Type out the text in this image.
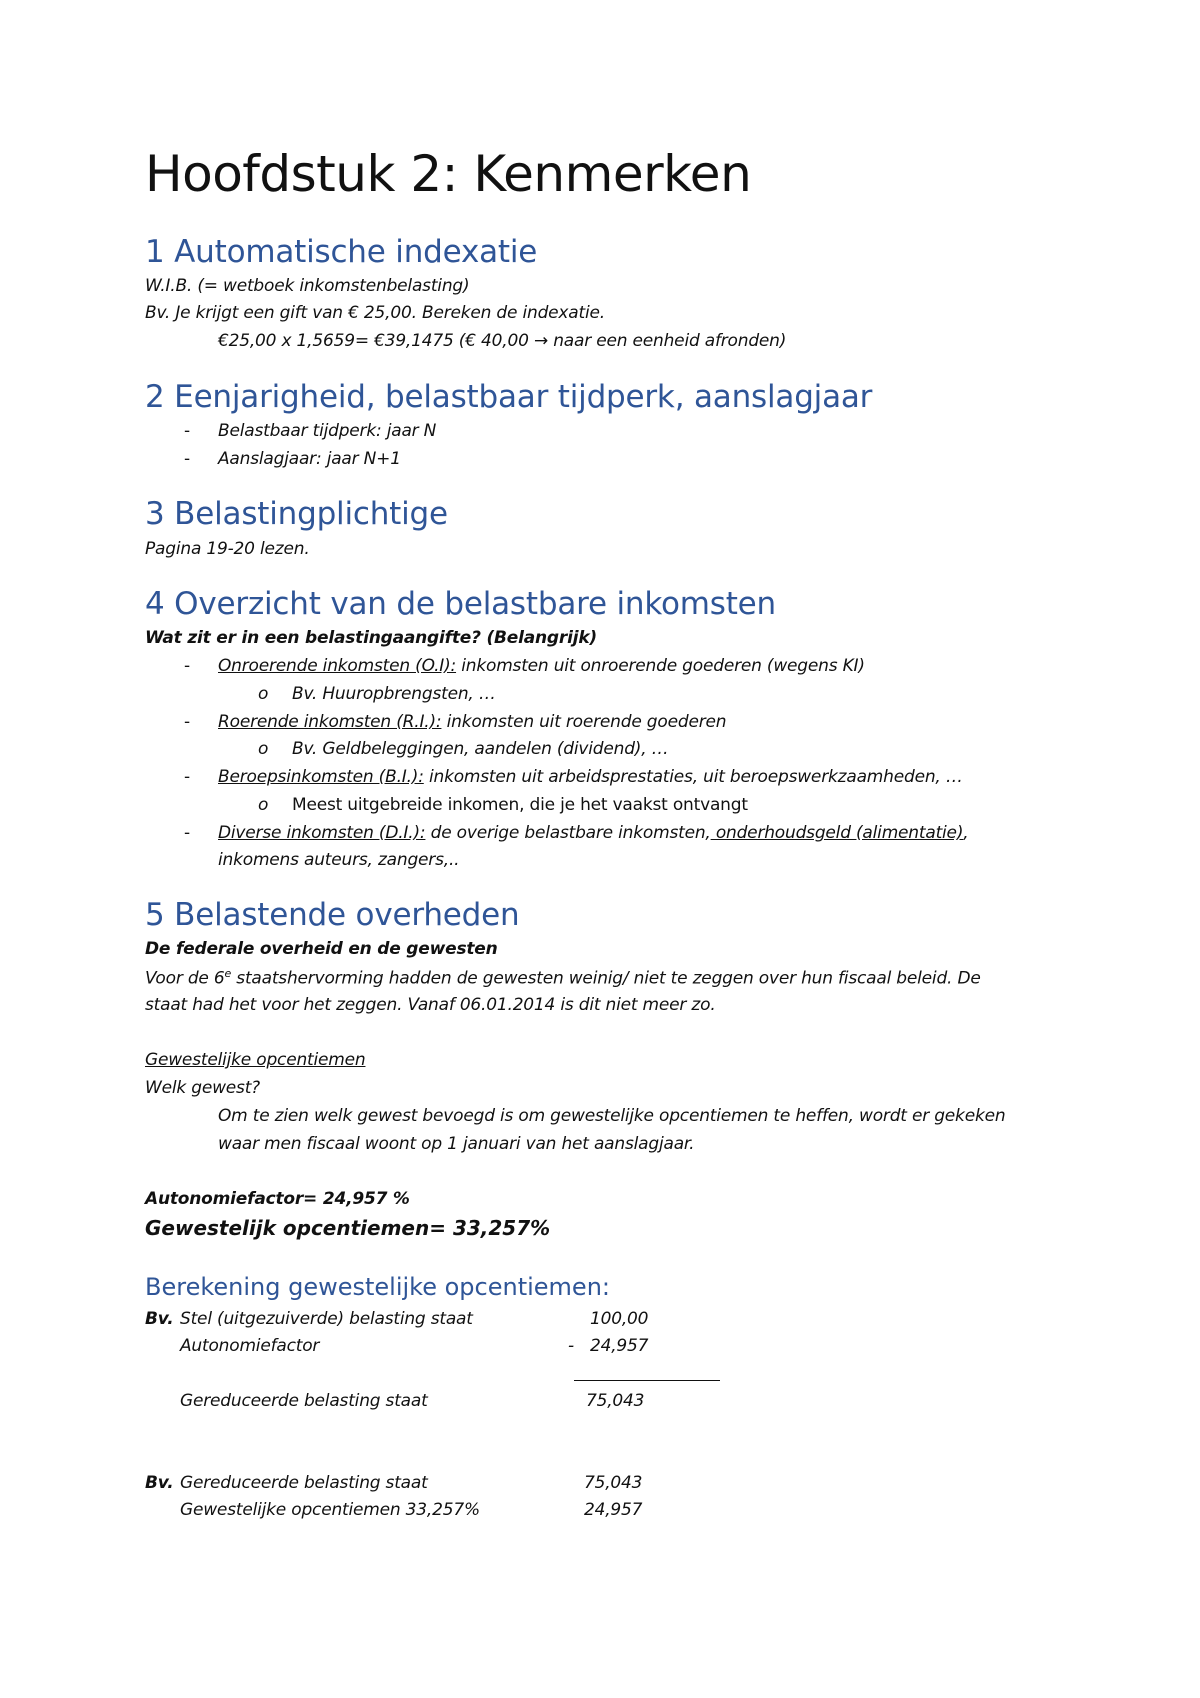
Hoofdstuk 2: Kenmerken
1 Automatische indexatie
W.I.B. (= wetboek inkomstenbelasting)
Bv. Je krijgt een gift van € 25,00. Bereken de indexatie.
€25,00 x 1,5659= €39,1475 (€ 40,00 → naar een eenheid afronden)
2 Eenjarigheid, belastbaar tijdperk, aanslagjaar
- Belastbaar tijdperk: jaar N
- Aanslagjaar: jaar N+1
3 Belastingplichtige
Pagina 19-20 lezen.
4 Overzicht van de belastbare inkomsten
Wat zit er in een belastingaangifte? (Belangrijk)
- Onroerende inkomsten (O.I): inkomsten uit onroerende goederen (wegens KI)
o Bv. Huuropbrengsten, …
- Roerende inkomsten (R.I.): inkomsten uit roerende goederen
o Bv. Geldbeleggingen, aandelen (dividend), …
- Beroepsinkomsten (B.I.): inkomsten uit arbeidsprestaties, uit beroepswerkzaamheden, …
o Meest uitgebreide inkomen, die je het vaakst ontvangt
- Diverse inkomsten (D.I.): de overige belastbare inkomsten, onderhoudsgeld (alimentatie),
inkomens auteurs, zangers,..
5 Belastende overheden
De federale overheid en de gewesten
Voor de 6e staatshervorming hadden de gewesten weinig/ niet te zeggen over hun fiscaal beleid. De
staat had het voor het zeggen. Vanaf 06.01.2014 is dit niet meer zo.
Gewestelijke opcentiemen
Welk gewest?
Om te zien welk gewest bevoegd is om gewestelijke opcentiemen te heffen, wordt er gekeken
waar men fiscaal woont op 1 januari van het aanslagjaar.
Autonomiefactor= 24,957 %
Gewestelijk opcentiemen= 33,257%
Berekening gewestelijke opcentiemen:
Bv. Stel (uitgezuiverde) belasting staat	100,00
Autonomiefactor	- 24,957
Gereduceerde belasting staat	75,043
Bv. Gereduceerde belasting staat	75,043
Gewestelijke opcentiemen 33,257%	24,957
